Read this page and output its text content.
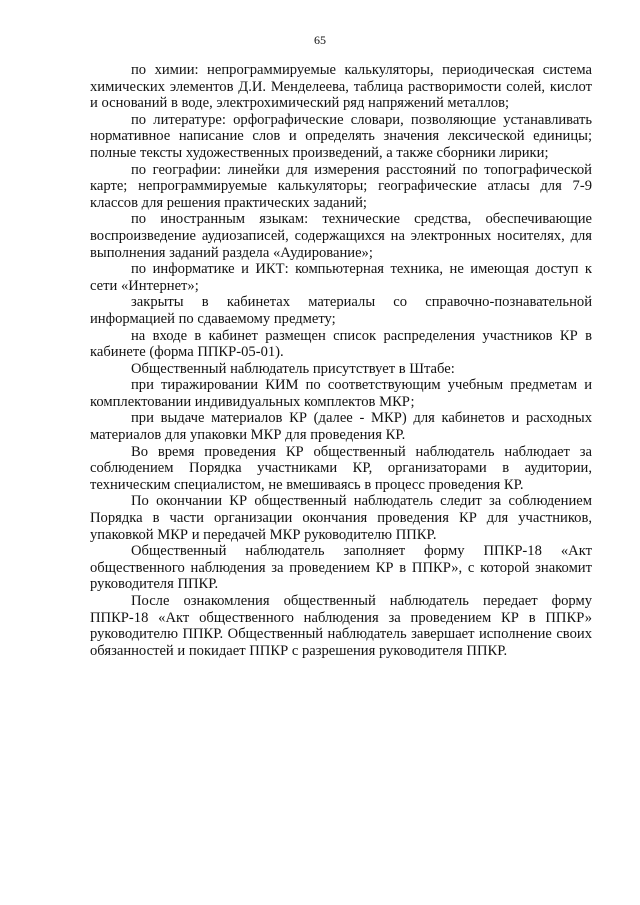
65

по химии: непрограммируемые калькуляторы, периодическая система химических элементов Д.И. Менделеева, таблица растворимости солей, кислот и оснований в воде, электрохимический ряд напряжений металлов;

по литературе: орфографические словари, позволяющие устанавливать нормативное написание слов и определять значения лексической единицы; полные тексты художественных произведений, а также сборники лирики;

по географии: линейки для измерения расстояний по топографической карте; непрограммируемые калькуляторы; географические атласы для 7-9 классов для решения практических заданий;

по иностранным языкам: технические средства, обеспечивающие воспроизведение аудиозаписей, содержащихся на электронных носителях, для выполнения заданий раздела «Аудирование»;

по информатике и ИКТ: компьютерная техника, не имеющая доступ к сети «Интернет»;

закрыты в кабинетах материалы со справочно-познавательной информацией по сдаваемому предмету;

на входе в кабинет размещен список распределения участников КР в кабинете (форма ППКР-05-01).

Общественный наблюдатель присутствует в Штабе:

при тиражировании КИМ по соответствующим учебным предметам и комплектовании индивидуальных комплектов МКР;

при выдаче материалов КР (далее - МКР) для кабинетов и расходных материалов для упаковки МКР для проведения КР.

Во время проведения КР общественный наблюдатель наблюдает за соблюдением Порядка участниками КР, организаторами в аудитории, техническим специалистом, не вмешиваясь в процесс проведения КР.

По окончании КР общественный наблюдатель следит за соблюдением Порядка в части организации окончания проведения КР для участников, упаковкой МКР и передачей МКР руководителю ППКР.

Общественный наблюдатель заполняет форму ППКР-18 «Акт общественного наблюдения за проведением КР в ППКР», с которой знакомит руководителя ППКР.

После ознакомления общественный наблюдатель передает форму ППКР-18 «Акт общественного наблюдения за проведением КР в ППКР» руководителю ППКР. Общественный наблюдатель завершает исполнение своих обязанностей и покидает ППКР с разрешения руководителя ППКР.
